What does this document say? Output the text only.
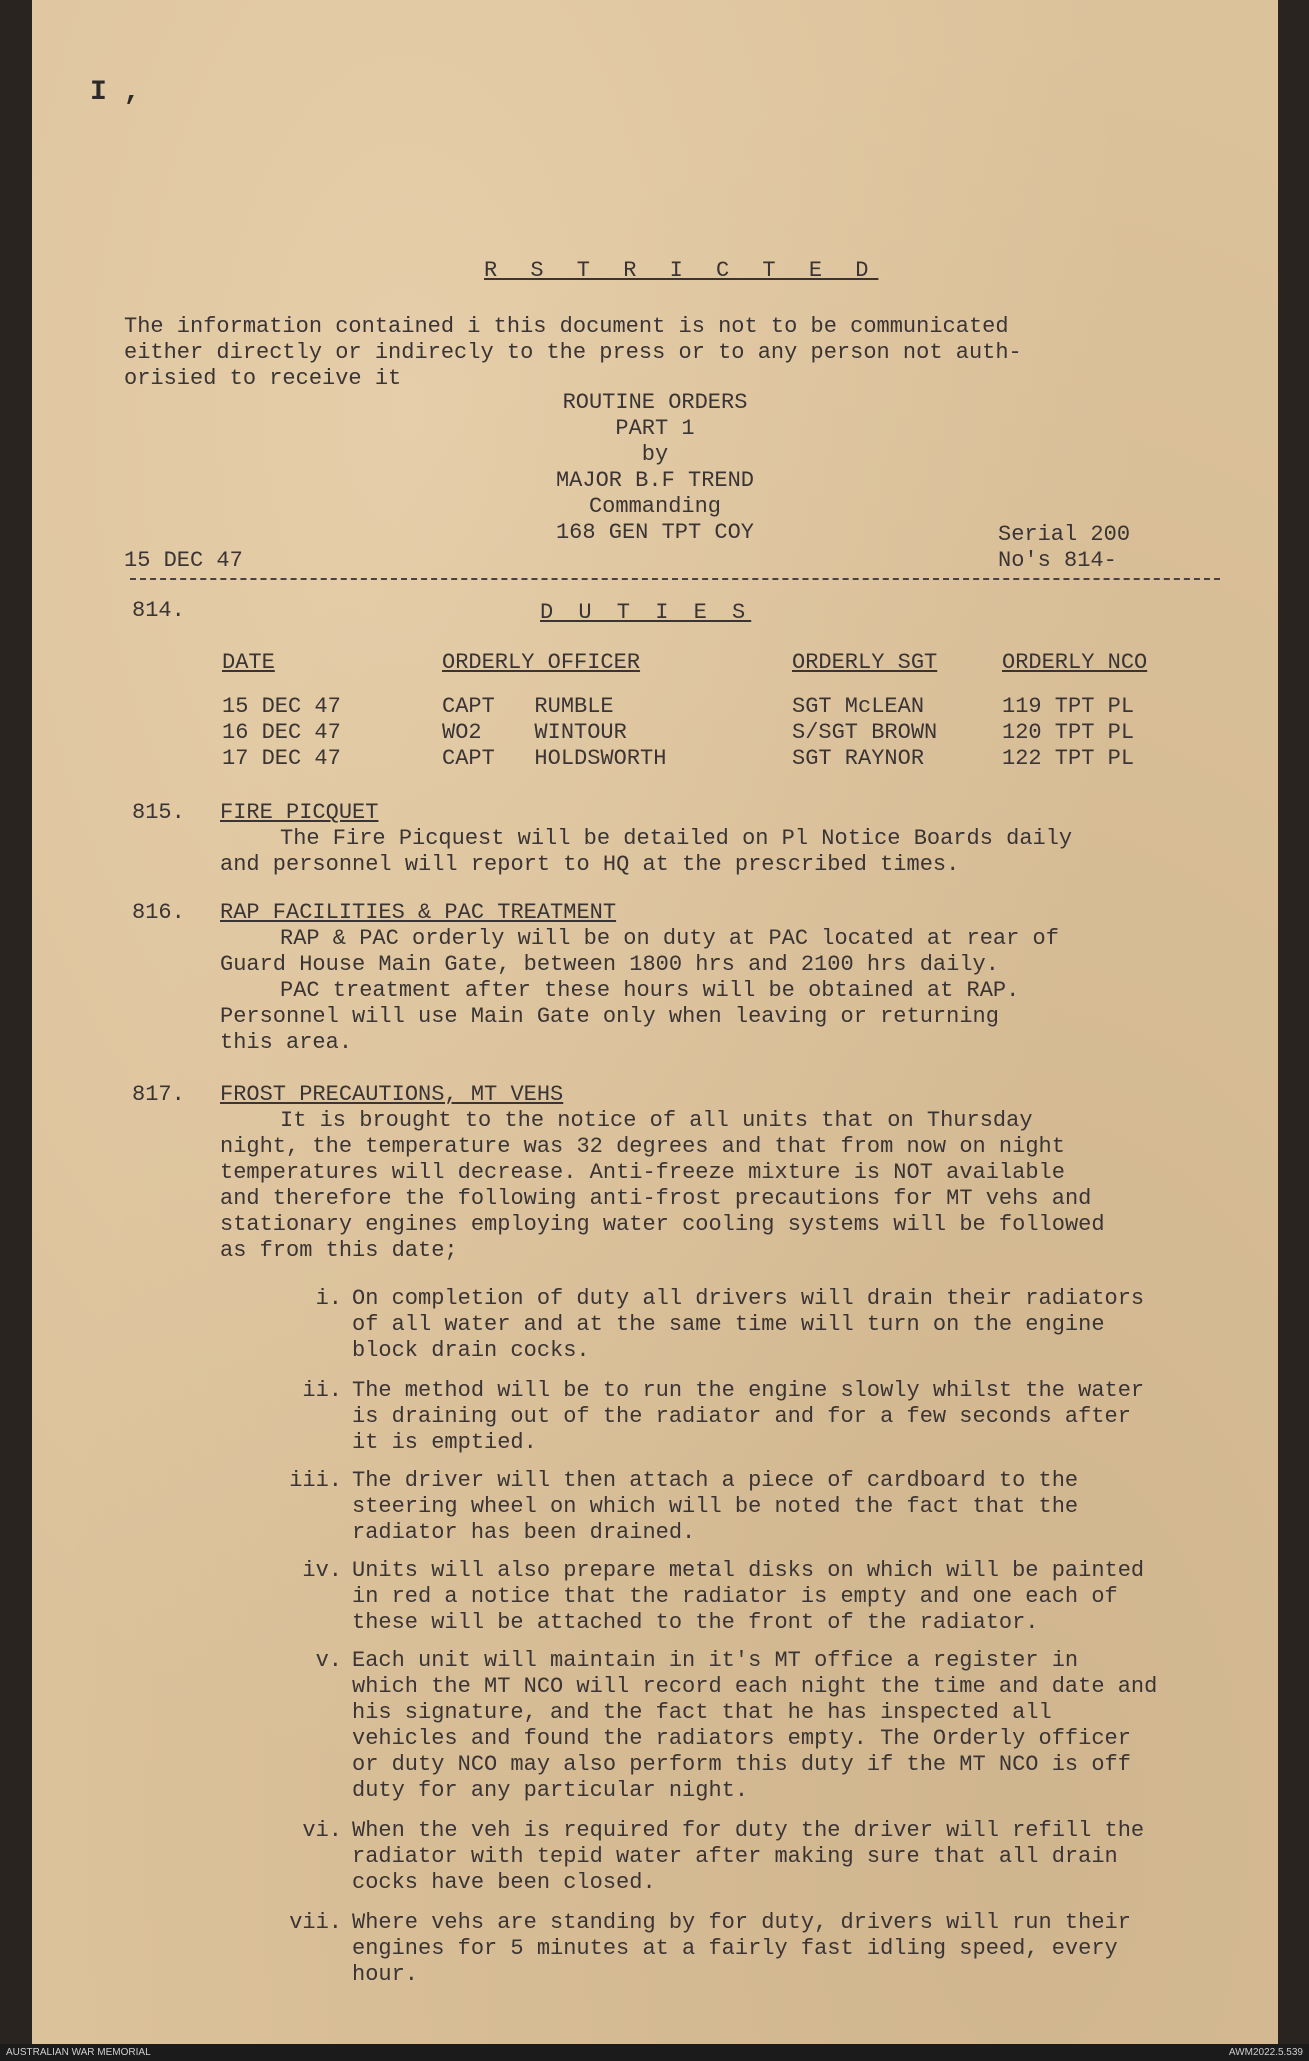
I ,
R S T R I C T E D
The information contained i this document is not to be communicated
either directly or indirecly to the press or to any person not auth-
orisied to receive it
ROUTINE ORDERS
PART 1
by
MAJOR B.F TREND
Commanding
168 GEN TPT COY
15 DEC 47
Serial 200
No's 814-
814.	D U T I E S
DATE	ORDERLY OFFICER	ORDERLY SGT	ORDERLY NCO

15 DEC 47	CAPT RUMBLE	SGT McLEAN	119 TPT PL
16 DEC 47	WO2 WINTOUR	S/SGT BROWN	120 TPT PL
17 DEC 47	CAPT HOLDSWORTH	SGT RAYNOR	122 TPT PL
815. FIRE PICQUET
The Fire Picquest will be detailed on Pl Notice Boards daily
and personnel will report to HQ at the prescribed times.
816. RAP FACILITIES & PAC TREATMENT
RAP & PAC orderly will be on duty at PAC located at rear of
Guard House Main Gate, between 1800 hrs and 2100 hrs daily.
PAC treatment after these hours will be obtained at RAP.
Personnel will use Main Gate only when leaving or returning
this area.
817. FROST PRECAUTIONS, MT VEHS
It is brought to the notice of all units that on Thursday
night, the temperature was 32 degrees and that from now on night
temperatures will decrease. Anti-freeze mixture is NOT available
and therefore the following anti-frost precautions for MT vehs and
stationary engines employing water cooling systems will be followed
as from this date;
i. On completion of duty all drivers will drain their radiators
of all water and at the same time will turn on the engine
block drain cocks.
ii. The method will be to run the engine slowly whilst the water
is draining out of the radiator and for a few seconds after
it is emptied.
iii. The driver will then attach a piece of cardboard to the
steering wheel on which will be noted the fact that the
radiator has been drained.
iv. Units will also prepare metal disks on which will be painted
in red a notice that the radiator is empty and one each of
these will be attached to the front of the radiator.
v. Each unit will maintain in it's MT office a register in
which the MT NCO will record each night the time and date and
his signature, and the fact that he has inspected all
vehicles and found the radiators empty. The Orderly officer
or duty NCO may also perform this duty if the MT NCO is off
duty for any particular night.
vi. When the veh is required for duty the driver will refill the
radiator with tepid water after making sure that all drain
cocks have been closed.
vii. Where vehs are standing by for duty, drivers will run their
engines for 5 minutes at a fairly fast idling speed, every
hour.
AUSTRALIAN WAR MEMORIAL	AWM2022.5.539
